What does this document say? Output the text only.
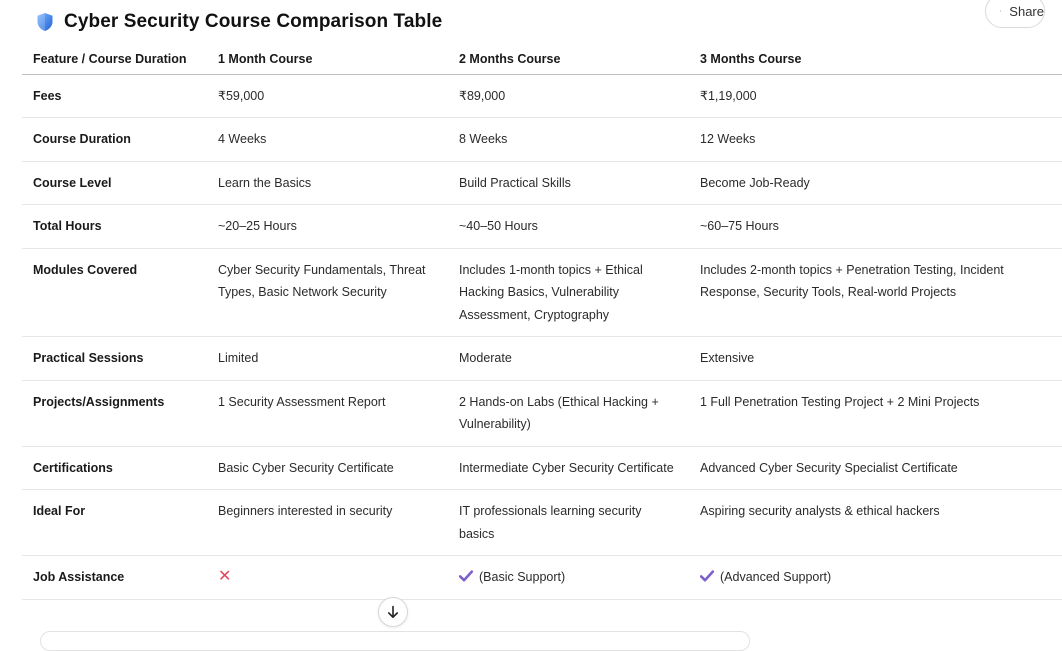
Cyber Security Course Comparison Table	Share
Feature / Course Duration	1 Month Course	2 Months Course	3 Months Course
Fees	₹59,000	₹89,000	₹1,19,000
Course Duration	4 Weeks	8 Weeks	12 Weeks
Course Level	Learn the Basics	Build Practical Skills	Become Job-Ready
Total Hours	~20–25 Hours	~40–50 Hours	~60–75 Hours
Modules Covered	Cyber Security Fundamentals, Threat Types, Basic Network Security	Includes 1-month topics + Ethical Hacking Basics, Vulnerability Assessment, Cryptography	Includes 2-month topics + Penetration Testing, Incident Response, Security Tools, Real-world Projects
Practical Sessions	Limited	Moderate	Extensive
Projects/Assignments	1 Security Assessment Report	2 Hands-on Labs (Ethical Hacking + Vulnerability)	1 Full Penetration Testing Project + 2 Mini Projects
Certifications	Basic Cyber Security Certificate	Intermediate Cyber Security Certificate	Advanced Cyber Security Specialist Certificate
Ideal For	Beginners interested in security	IT professionals learning security basics	Aspiring security analysts & ethical hackers
Job Assistance	✕	(Basic Support)	(Advanced Support)
